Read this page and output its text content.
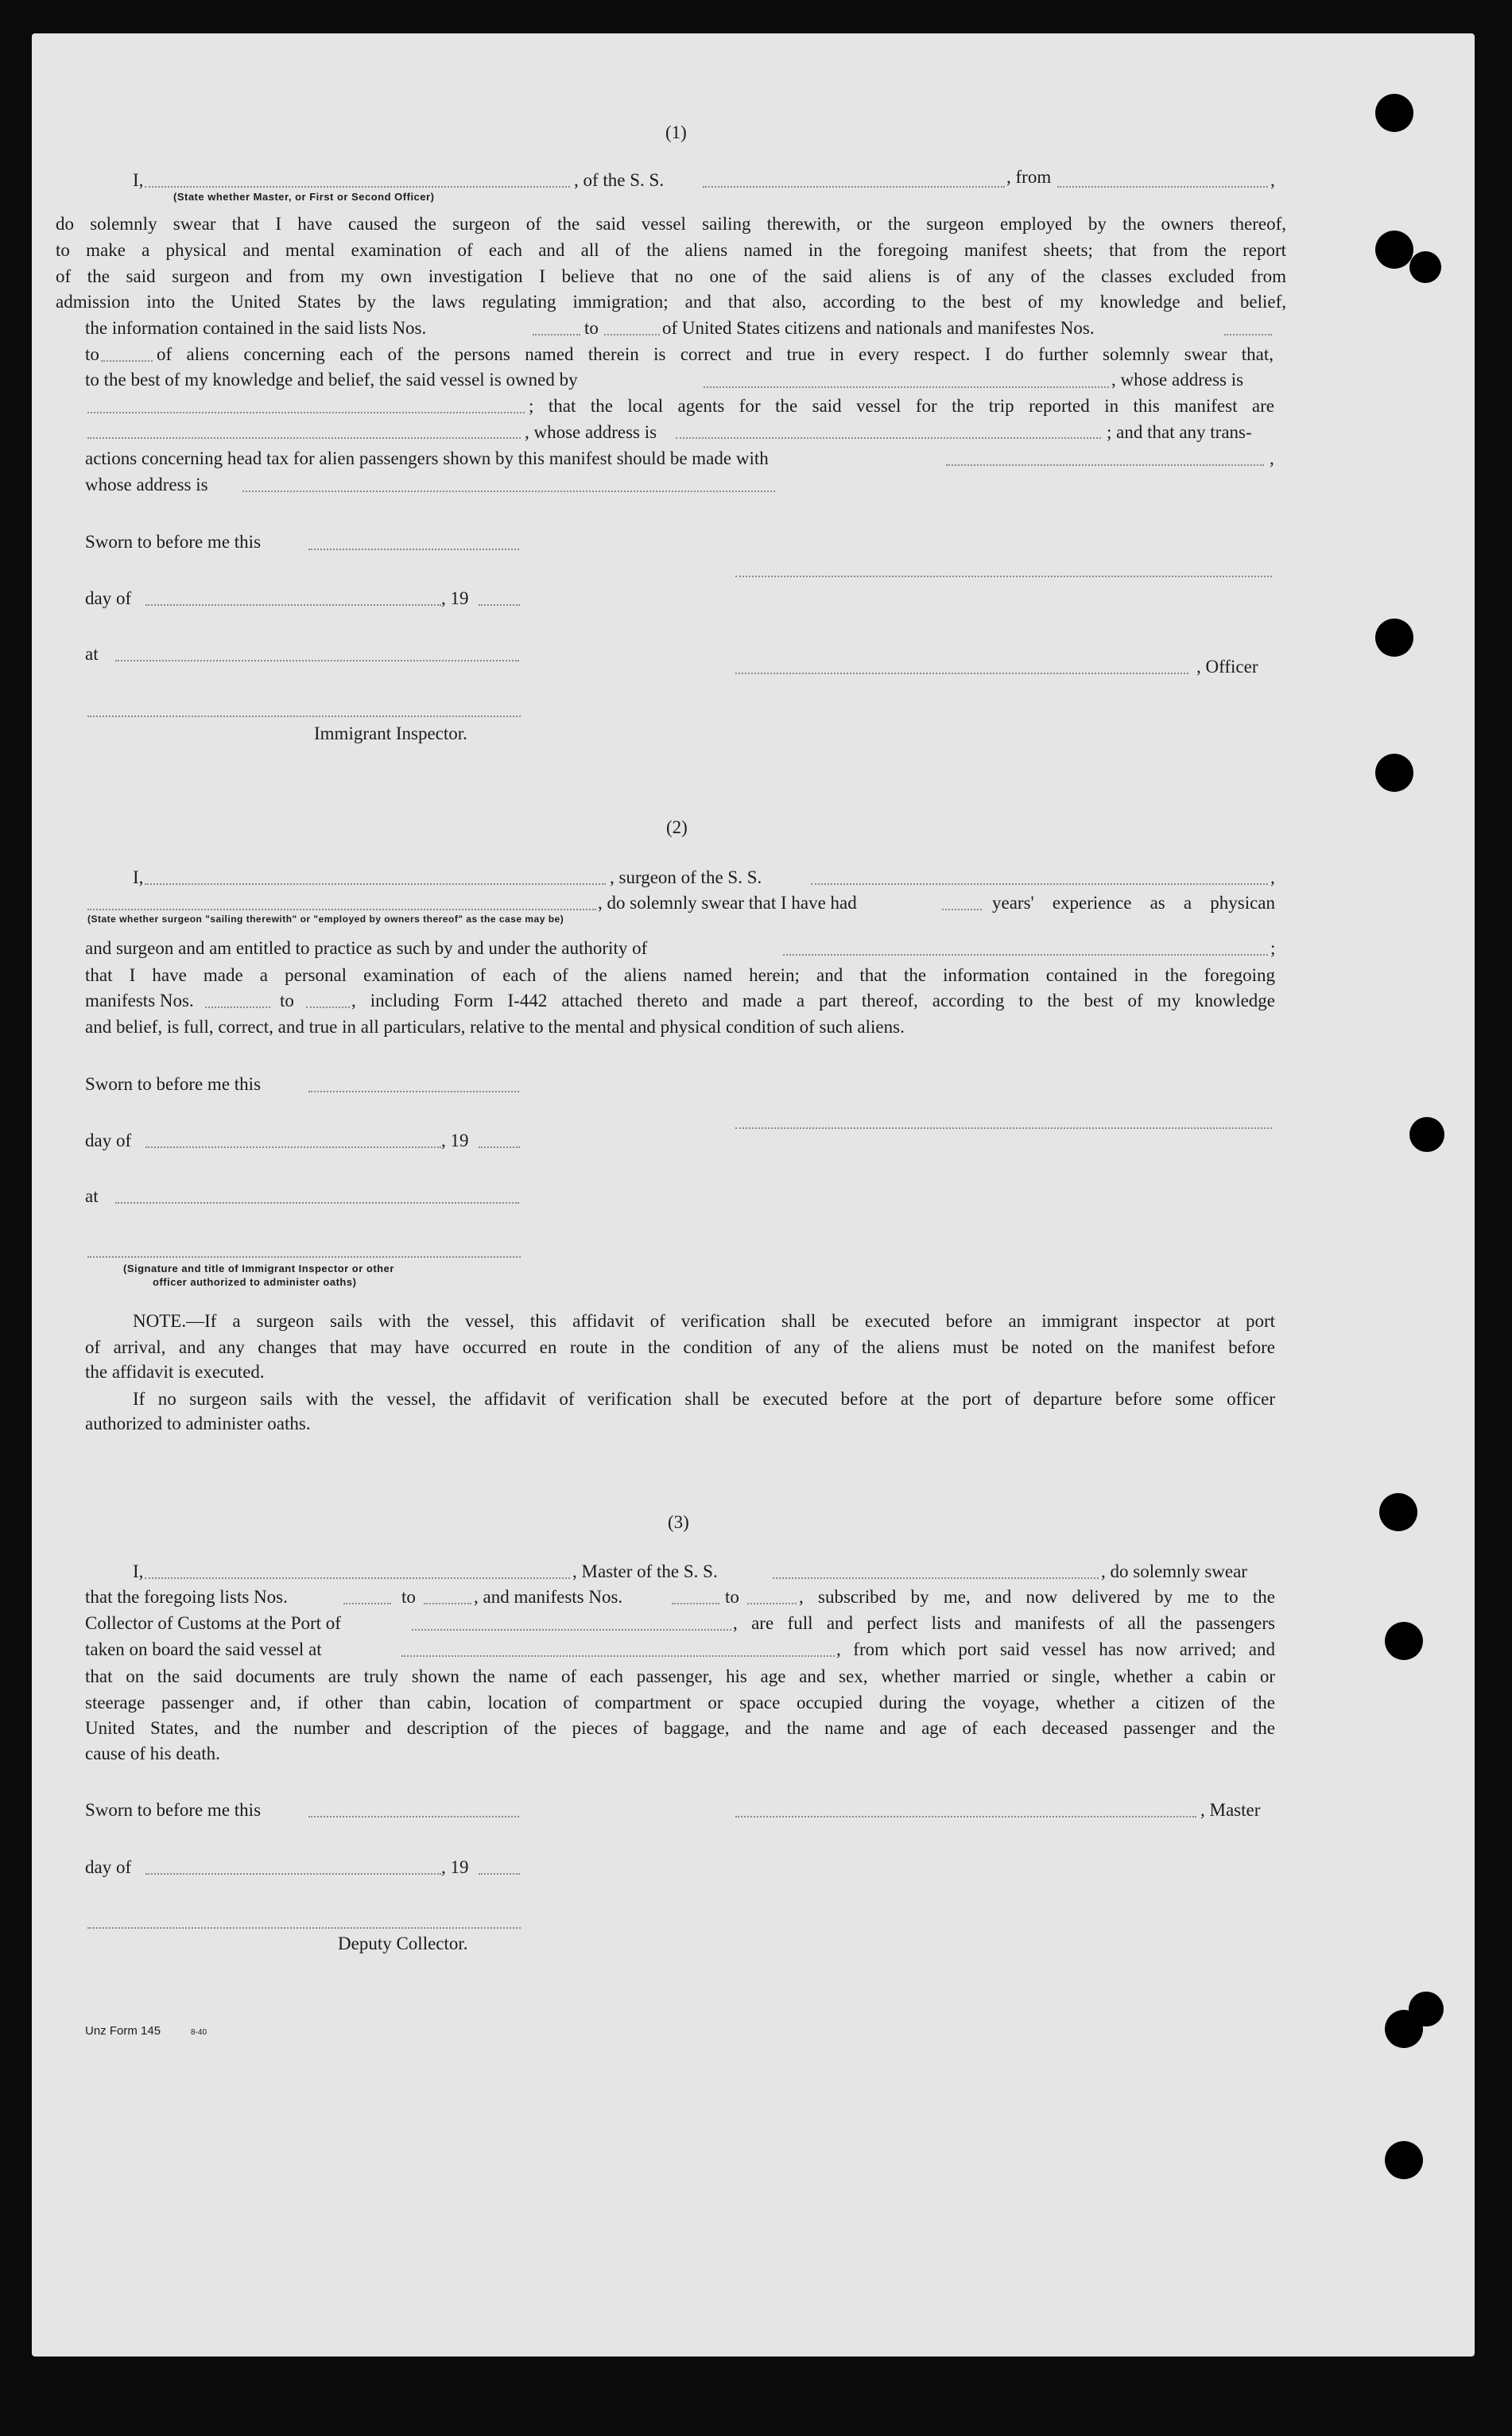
(1)
I,	, of the S. S.	, from	,
(State whether Master, or First or Second Officer)
do solemnly swear that I have caused the surgeon of the said vessel sailing therewith, or the surgeon employed by the owners thereof,
to make a physical and mental examination of each and all of the aliens named in the foregoing manifest sheets; that from the report
of the said surgeon and from my own investigation I believe that no one of the said aliens is of any of the classes excluded from
admission into the United States by the laws regulating immigration; and that also, according to the best of my knowledge and belief,
the information contained in the said lists Nos.	to	of United States citizens and nationals and manifestes Nos.
to	of aliens concerning each of the persons named therein is correct and true in every respect. I do further solemnly swear that,
to the best of my knowledge and belief, the said vessel is owned by	, whose address is
; that the local agents for the said vessel for the trip reported in this manifest are
, whose address is	; and that any trans-
actions concerning head tax for alien passengers shown by this manifest should be made with	,
whose address is
Sworn to before me this
day of	, 19
at
, Officer
Immigrant Inspector.
(2)
I,	, surgeon of the S. S.	,
, do solemnly swear that I have had	years' experience as a physican
(State whether surgeon "sailing therewith" or "employed by owners thereof" as the case may be)
and surgeon and am entitled to practice as such by and under the authority of	;
that I have made a personal examination of each of the aliens named herein; and that the information contained in the foregoing
manifests Nos.	to	, including Form I-442 attached thereto and made a part thereof, according to the best of my knowledge
and belief, is full, correct, and true in all particulars, relative to the mental and physical condition of such aliens.
Sworn to before me this
day of	, 19
at
(Signature and title of Immigrant Inspector or other
officer authorized to administer oaths)
NOTE.—If a surgeon sails with the vessel, this affidavit of verification shall be executed before an immigrant inspector at port
of arrival, and any changes that may have occurred en route in the condition of any of the aliens must be noted on the manifest before
the affidavit is executed.
If no surgeon sails with the vessel, the affidavit of verification shall be executed before at the port of departure before some officer
authorized to administer oaths.
(3)
I,	, Master of the S. S.	, do solemnly swear
that the foregoing lists Nos.	to	, and manifests Nos.	to	, subscribed by me, and now delivered by me to the
Collector of Customs at the Port of	, are full and perfect lists and manifests of all the passengers
taken on board the said vessel at	, from which port said vessel has now arrived; and
that on the said documents are truly shown the name of each passenger, his age and sex, whether married or single, whether a cabin or
steerage passenger and, if other than cabin, location of compartment or space occupied during the voyage, whether a citizen of the
United States, and the number and description of the pieces of baggage, and the name and age of each deceased passenger and the
cause of his death.
Sworn to before me this	, Master
day of	, 19
Deputy Collector.
Unz Form 145	8-40
